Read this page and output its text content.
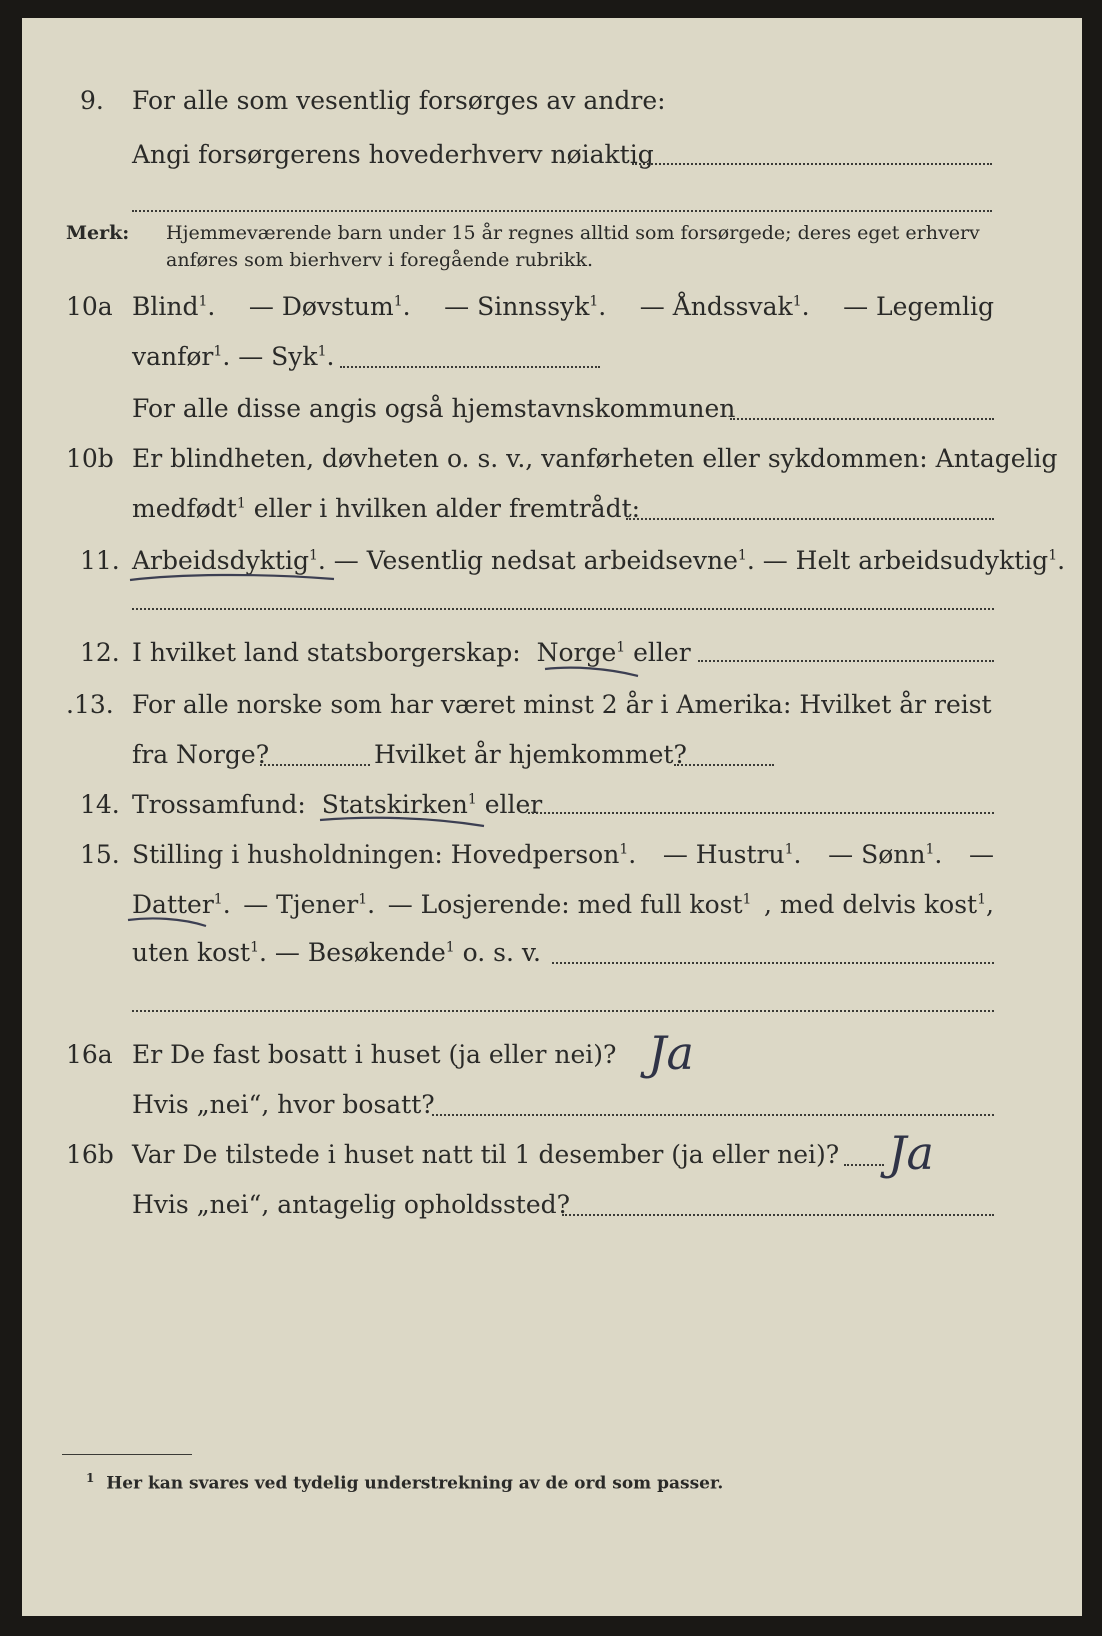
9. For alle som vesentlig forsørges av andre:
Angi forsørgerens hovederhverv nøiaktig
Merk: Hjemmeværende barn under 15 år regnes alltid som forsørgede; deres eget erhverv
anføres som bierhverv i foregående rubrikk.
10a Blind$^1$. — Døvstum$^1$. — Sinnssyk$^1$. — Åndssvak$^1$. — Legemlig
vanfør$^1$. — Syk$^1$.
For alle disse angis også hjemstavnskommunen
10b Er blindheten, døvheten o. s. v., vanførheten eller sykdommen: Antagelig
medfødt$^1$ eller i hvilken alder fremtrådt:
11. Arbeidsdyktig$^1$. — Vesentlig nedsat arbeidsevne$^1$. — Helt arbeidsudyktig$^1$.
12. I hvilket land statsborgerskap: Norge$^1$ eller
.13. For alle norske som har været minst 2 år i Amerika: Hvilket år reist
fra Norge?	Hvilket år hjemkommet?
14. Trossamfund: Statskirken$^1$ eller
15. Stilling i husholdningen: Hovedperson$^1$. — Hustru$^1$. — Sønn$^1$. —
Datter$^1$. — Tjener$^1$. — Losjerende: med full kost$^1$ , med delvis kost$^1$,
uten kost$^1$. — Besøkende$^1$ o. s. v.
16a Er De fast bosatt i huset (ja eller nei)? Ja
Hvis „nei“, hvor bosatt?
16b Var De tilstede i huset natt til 1 desember (ja eller nei)? Ja
Hvis „nei“, antagelig opholdssted?
$^1$ Her kan svares ved tydelig understrekning av de ord som passer.
